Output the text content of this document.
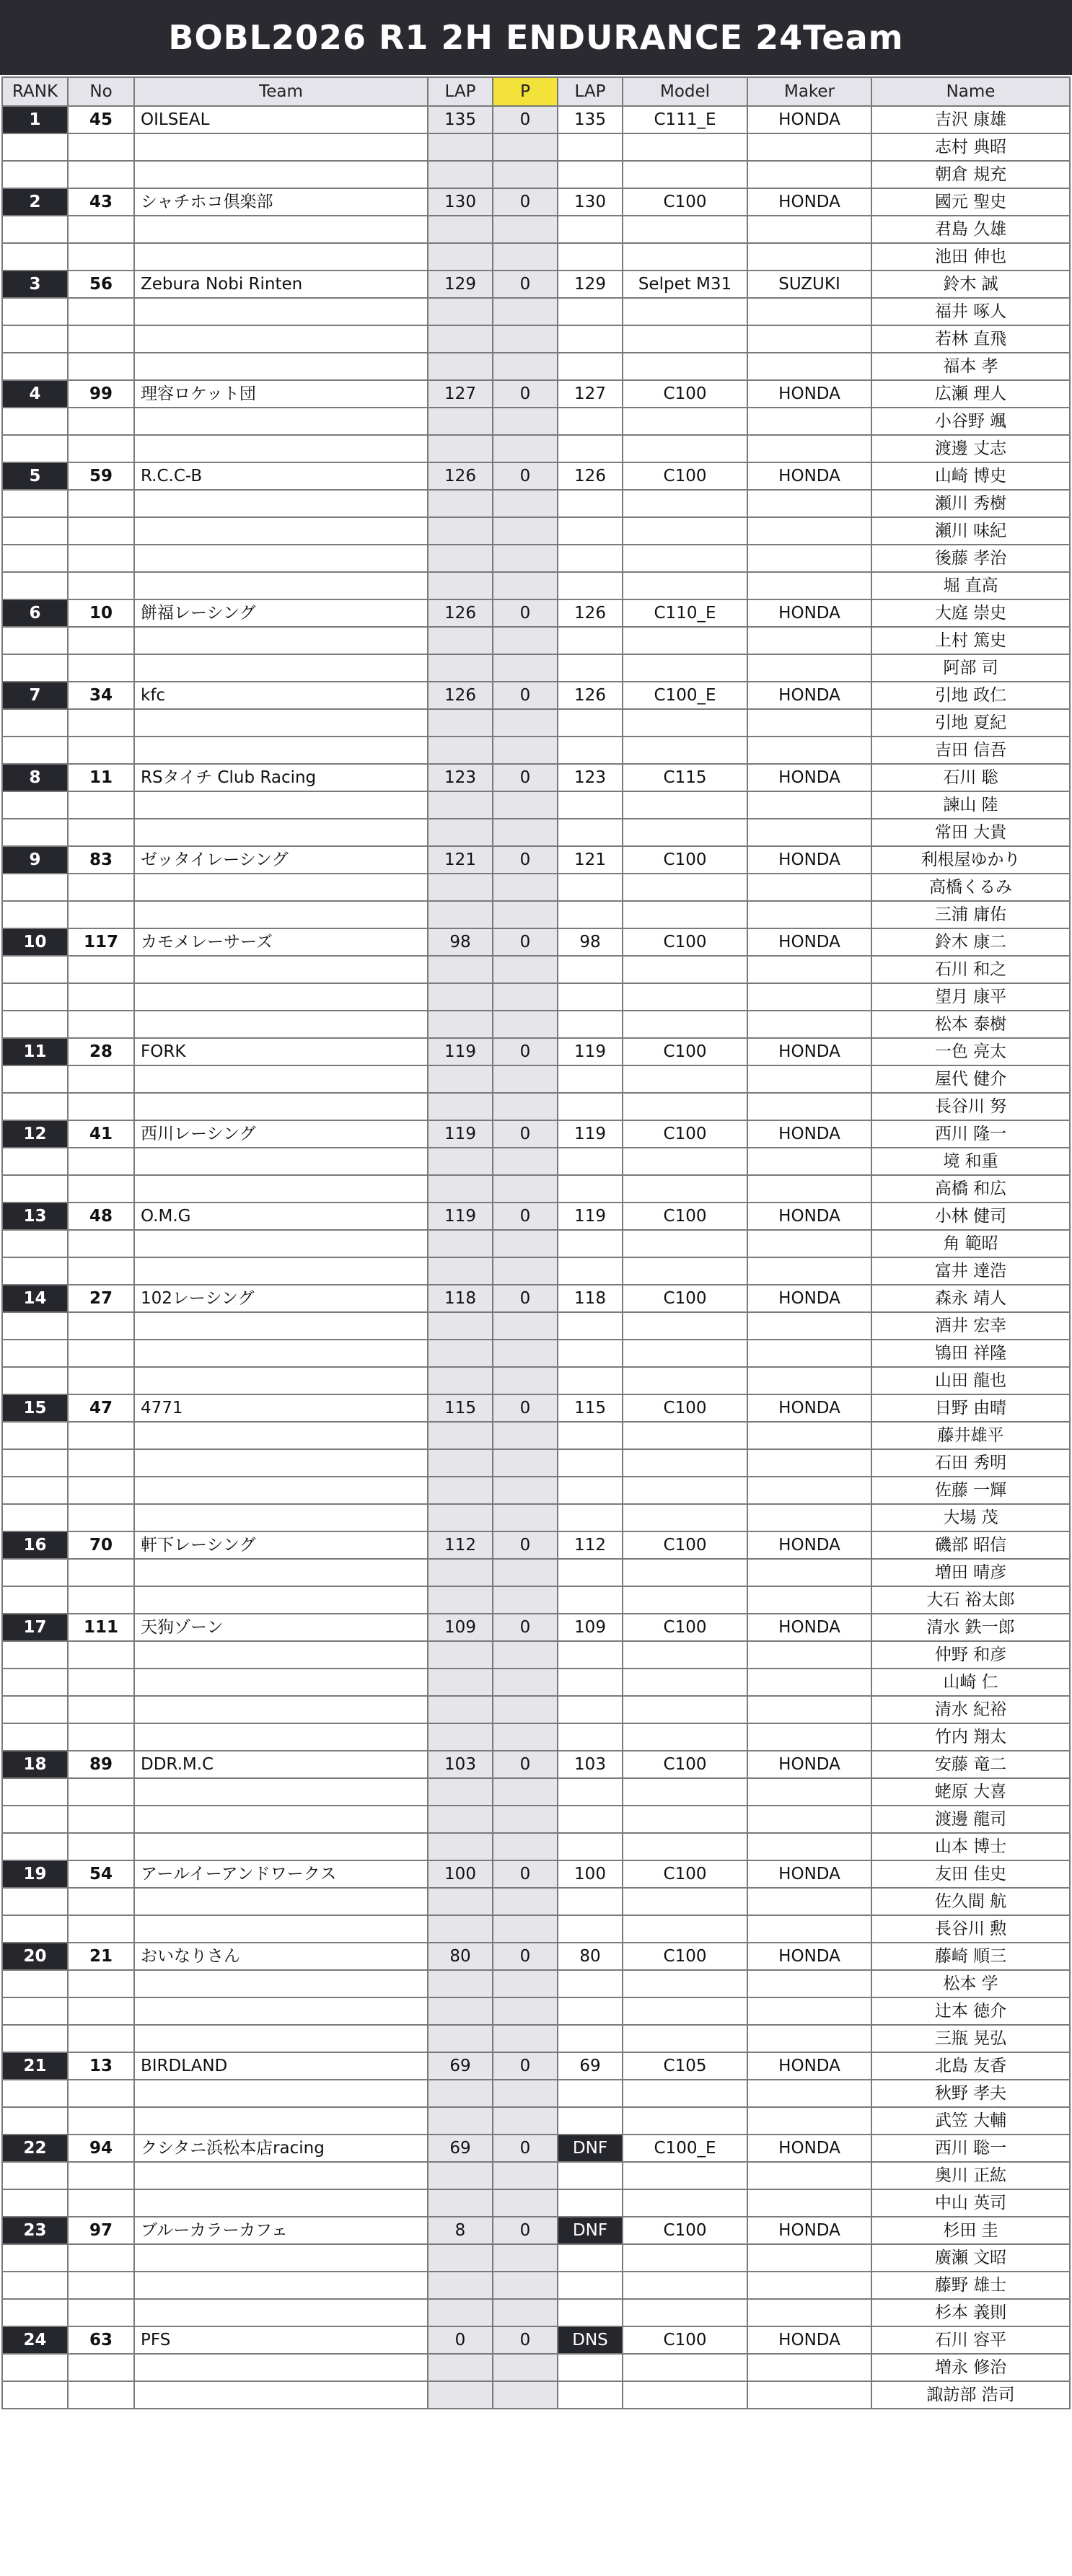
BOBL2026 R1 2H ENDURANCE 24Team
RANK	No	Team	LAP	P	LAP	Model	Maker	Name
1	45	OILSEAL	135	0	135	C111_E	HONDA	吉沢 康雄
								志村 典昭
								朝倉 規充
2	43	シャチホコ倶楽部	130	0	130	C100	HONDA	國元 聖史
								君島 久雄
								池田 伸也
3	56	Zebura Nobi Rinten	129	0	129	Selpet M31	SUZUKI	鈴木 誠
								福井 啄人
								若林 直飛
								福本 孝
4	99	理容ロケット団	127	0	127	C100	HONDA	広瀬 理人
								小谷野 颯
								渡邊 丈志
5	59	R.C.C-B	126	0	126	C100	HONDA	山崎 博史
								瀬川 秀樹
								瀬川 味紀
								後藤 孝治
								堀 直高
6	10	餅福レーシング	126	0	126	C110_E	HONDA	大庭 崇史
								上村 篤史
								阿部 司
7	34	kfc	126	0	126	C100_E	HONDA	引地 政仁
								引地 夏紀
								吉田 信吾
8	11	RSタイチ Club Racing	123	0	123	C115	HONDA	石川 聡
								諫山 陸
								常田 大貴
9	83	ゼッタイレーシング	121	0	121	C100	HONDA	利根屋ゆかり
								高橋くるみ
								三浦 庸佑
10	117	カモメレーサーズ	98	0	98	C100	HONDA	鈴木 康二
								石川 和之
								望月 康平
								松本 泰樹
11	28	FORK	119	0	119	C100	HONDA	一色 亮太
								屋代 健介
								長谷川 努
12	41	西川レーシング	119	0	119	C100	HONDA	西川 隆一
								境 和重
								高橋 和広
13	48	O.M.G	119	0	119	C100	HONDA	小林 健司
								角 範昭
								富井 達浩
14	27	102レーシング	118	0	118	C100	HONDA	森永 靖人
								酒井 宏幸
								鴇田 祥隆
								山田 龍也
15	47	4771	115	0	115	C100	HONDA	日野 由晴
								藤井雄平
								石田 秀明
								佐藤 一輝
								大場 茂
16	70	軒下レーシング	112	0	112	C100	HONDA	磯部 昭信
								増田 晴彦
								大石 裕太郎
17	111	天狗ゾーン	109	0	109	C100	HONDA	清水 鉄一郎
								仲野 和彦
								山崎 仁
								清水 紀裕
								竹内 翔太
18	89	DDR.M.C	103	0	103	C100	HONDA	安藤 竜二
								蛯原 大喜
								渡邊 龍司
								山本 博士
19	54	アールイーアンドワークス	100	0	100	C100	HONDA	友田 佳史
								佐久間 航
								長谷川 勲
20	21	おいなりさん	80	0	80	C100	HONDA	藤崎 順三
								松本 学
								辻本 徳介
								三瓶 晃弘
21	13	BIRDLAND	69	0	69	C105	HONDA	北島 友香
								秋野 孝夫
								武笠 大輔
22	94	クシタニ浜松本店racing	69	0	DNF	C100_E	HONDA	西川 聡一
								奥川 正紘
								中山 英司
23	97	ブルーカラーカフェ	8	0	DNF	C100	HONDA	杉田 圭
								廣瀬 文昭
								藤野 雄士
								杉本 義則
24	63	PFS	0	0	DNS	C100	HONDA	石川 容平
								増永 修治
								諏訪部 浩司
